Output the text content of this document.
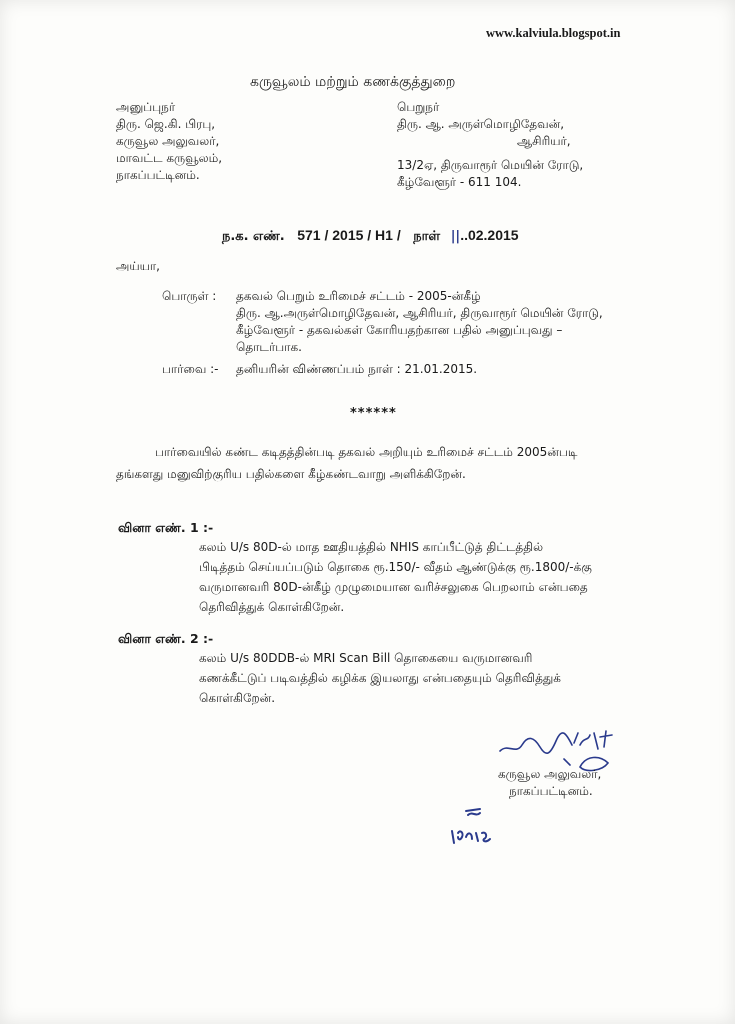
www.kalviula.blogspot.in
கருவூலம் மற்றும் கணக்குத்துறை
அனுப்புநர்
திரு. ஜெ.கி. பிரபு,
கருவூல அலுவலர்,
மாவட்ட கருவூலம்,
நாகப்பட்டினம்.
பெறுநர்
திரு. ஆ. அருள்மொழிதேவன்,
ஆசிரியர்,
13/2ஏ, திருவாரூர் மெயின் ரோடு,
கீழ்வேளூர் - 611 104.
ந.க. எண். 571 / 2015 / H1 / நாள் ||..02.2015
அய்யா,
பொருள் : தகவல் பெறும் உரிமைச் சட்டம் - 2005-ன்கீழ்
திரு. ஆ.அருள்மொழிதேவன், ஆசிரியர், திருவாரூர் மெயின் ரோடு,
கீழ்வேளூர் - தகவல்கள் கோரியதற்கான பதில் அனுப்புவது –
தொடர்பாக.
பார்வை :- தனியரின் விண்ணப்பம் நாள் : 21.01.2015.
******
பார்வையில் கண்ட கடிதத்தின்படி தகவல் அறியும் உரிமைச் சட்டம் 2005ன்படி
தங்களது மனுவிற்குரிய பதில்களை கீழ்கண்டவாறு அளிக்கிறேன்.
வினா எண். 1 :-
கலம் U/s 80D-ல் மாத ஊதியத்தில் NHIS காப்பீட்டுத் திட்டத்தில்
பிடித்தம் செய்யப்படும் தொகை ரூ.150/- வீதம் ஆண்டுக்கு ரூ.1800/-க்கு
வருமானவரி 80D-ன்கீழ் முழுமையான வரிச்சலுகை பெறலாம் என்பதை
தெரிவித்துக் கொள்கிறேன்.
வினா எண். 2 :-
கலம் U/s 80DDB-ல் MRI Scan Bill தொகையை வருமானவரி
கணக்கீட்டுப் படிவத்தில் கழிக்க இயலாது என்பதையும் தெரிவித்துக்
கொள்கிறேன்.
கருவூல அலுவலர்,
நாகப்பட்டினம்.
